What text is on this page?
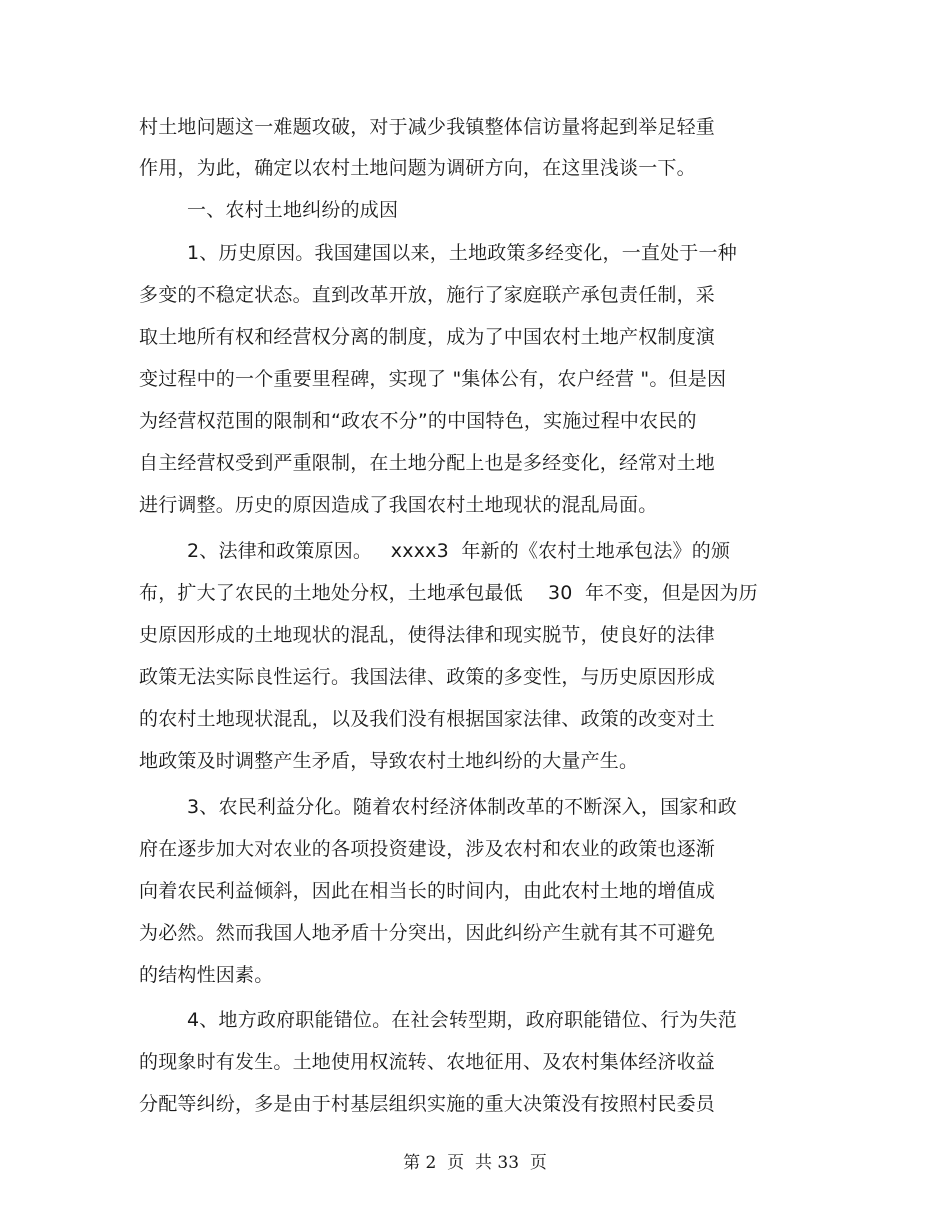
村土地问题这一难题攻破，对于减少我镇整体信访量将起到举足轻重
作用，为此，确定以农村土地问题为调研方向，在这里浅谈一下。
一、农村土地纠纷的成因
1、历史原因。我国建国以来，土地政策多经变化，一直处于一种
多变的不稳定状态。直到改革开放，施行了家庭联产承包责任制，采
取土地所有权和经营权分离的制度，成为了中国农村土地产权制度演
变过程中的一个重要里程碑，实现了 "集体公有，农户经营 "。但是因
为经营权范围的限制和“政农不分”的中国特色，实施过程中农民的
自主经营权受到严重限制，在土地分配上也是多经变化，经常对土地
进行调整。历史的原因造成了我国农村土地现状的混乱局面。
2、法律和政策原因。   xxxx3  年新的《农村土地承包法》的颁
布，扩大了农民的土地处分权，土地承包最低    30  年不变，但是因为历
史原因形成的土地现状的混乱，使得法律和现实脱节，使良好的法律
政策无法实际良性运行。我国法律、政策的多变性，与历史原因形成
的农村土地现状混乱，以及我们没有根据国家法律、政策的改变对土
地政策及时调整产生矛盾，导致农村土地纠纷的大量产生。
3、农民利益分化。随着农村经济体制改革的不断深入，国家和政
府在逐步加大对农业的各项投资建设，涉及农村和农业的政策也逐渐
向着农民利益倾斜，因此在相当长的时间内，由此农村土地的增值成
为必然。然而我国人地矛盾十分突出，因此纠纷产生就有其不可避免
的结构性因素。
4、地方政府职能错位。在社会转型期，政府职能错位、行为失范
的现象时有发生。土地使用权流转、农地征用、及农村集体经济收益
分配等纠纷，多是由于村基层组织实施的重大决策没有按照村民委员
第 2  页  共 33  页
